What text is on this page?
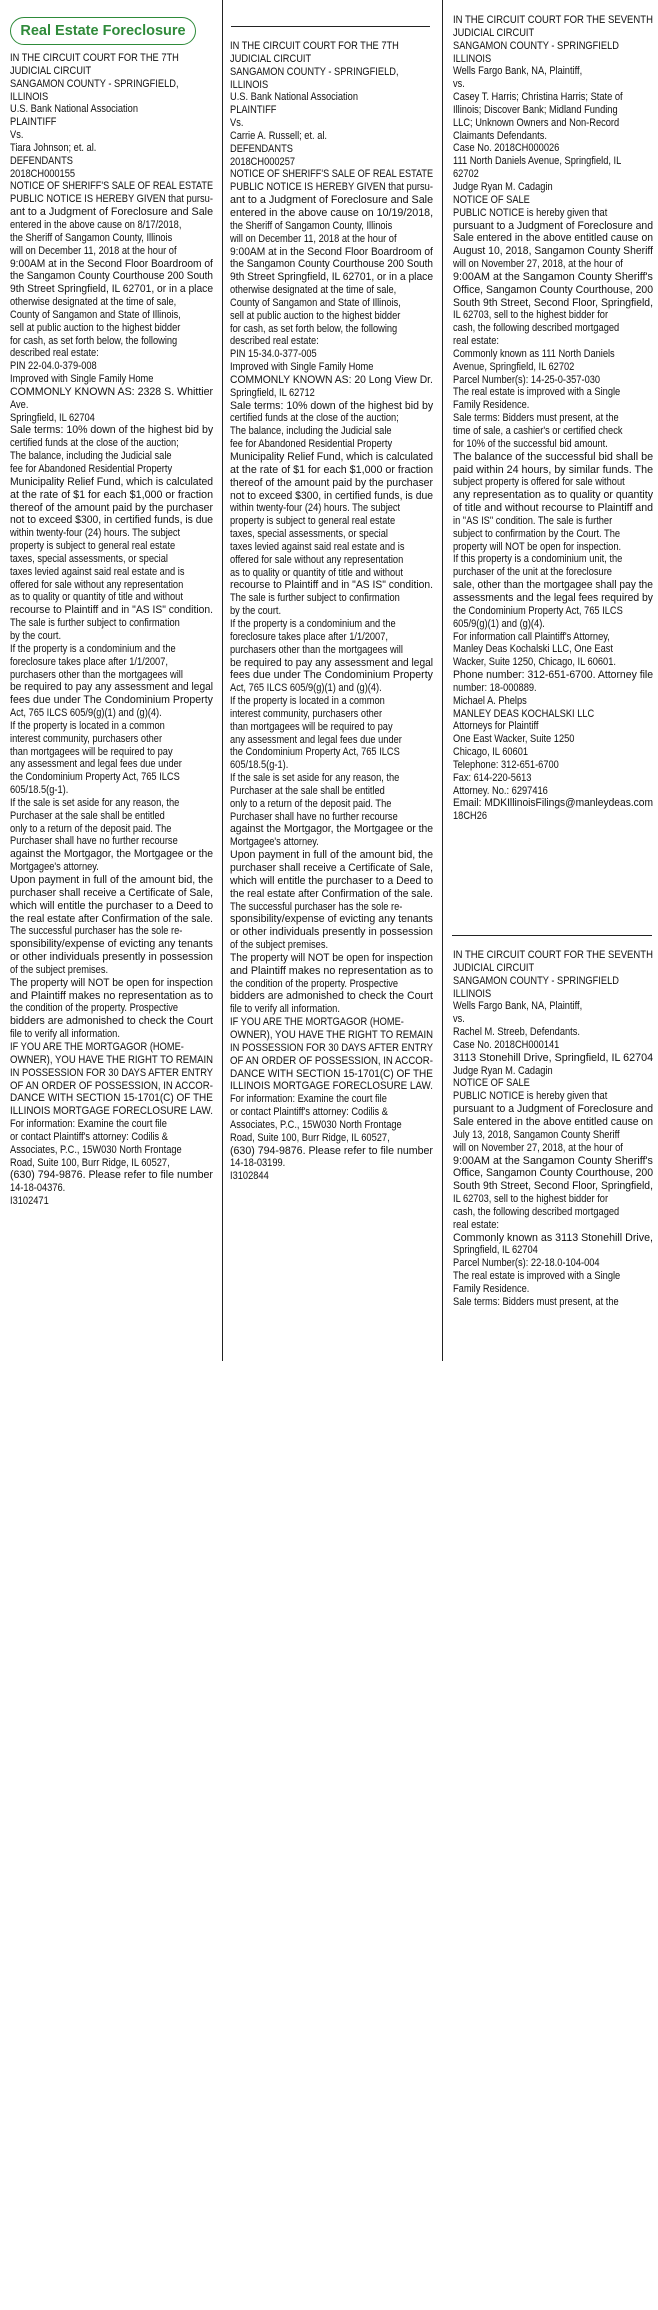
Real Estate Foreclosure
IN THE CIRCUIT COURT FOR THE 7TH
JUDICIAL CIRCUIT
SANGAMON COUNTY - SPRINGFIELD,
ILLINOIS
U.S. Bank National Association
PLAINTIFF
Vs.
Tiara Johnson; et. al.
DEFENDANTS
2018CH000155
NOTICE OF SHERIFF'S SALE OF REAL ESTATE
PUBLIC NOTICE IS HEREBY GIVEN that pursu-
ant to a Judgment of Foreclosure and Sale
entered in the above cause on 8/17/2018,
the Sheriff of Sangamon County, Illinois
will on December 11, 2018 at the hour of
9:00AM at in the Second Floor Boardroom of
the Sangamon County Courthouse 200 South
9th Street Springfield, IL 62701, or in a place
otherwise designated at the time of sale,
County of Sangamon and State of Illinois,
sell at public auction to the highest bidder
for cash, as set forth below, the following
described real estate:
PIN 22-04.0-379-008
Improved with Single Family Home
COMMONLY KNOWN AS: 2328 S. Whittier
Ave.
Springfield, IL 62704
Sale terms: 10% down of the highest bid by
certified funds at the close of the auction;
The balance, including the Judicial sale
fee for Abandoned Residential Property
Municipality Relief Fund, which is calculated
at the rate of $1 for each $1,000 or fraction
thereof of the amount paid by the purchaser
not to exceed $300, in certified funds, is due
within twenty-four (24) hours. The subject
property is subject to general real estate
taxes, special assessments, or special
taxes levied against said real estate and is
offered for sale without any representation
as to quality or quantity of title and without
recourse to Plaintiff and in "AS IS" condition.
The sale is further subject to confirmation
by the court.
If the property is a condominium and the
foreclosure takes place after 1/1/2007,
purchasers other than the mortgagees will
be required to pay any assessment and legal
fees due under The Condominium Property
Act, 765 ILCS 605/9(g)(1) and (g)(4).
If the property is located in a common
interest community, purchasers other
than mortgagees will be required to pay
any assessment and legal fees due under
the Condominium Property Act, 765 ILCS
605/18.5(g-1).
If the sale is set aside for any reason, the
Purchaser at the sale shall be entitled
only to a return of the deposit paid. The
Purchaser shall have no further recourse
against the Mortgagor, the Mortgagee or the
Mortgagee's attorney.
Upon payment in full of the amount bid, the
purchaser shall receive a Certificate of Sale,
which will entitle the purchaser to a Deed to
the real estate after Confirmation of the sale.
The successful purchaser has the sole re-
sponsibility/expense of evicting any tenants
or other individuals presently in possession
of the subject premises.
The property will NOT be open for inspection
and Plaintiff makes no representation as to
the condition of the property. Prospective
bidders are admonished to check the Court
file to verify all information.
IF YOU ARE THE MORTGAGOR (HOME-
OWNER), YOU HAVE THE RIGHT TO REMAIN
IN POSSESSION FOR 30 DAYS AFTER ENTRY
OF AN ORDER OF POSSESSION, IN ACCOR-
DANCE WITH SECTION 15-1701(C) OF THE
ILLINOIS MORTGAGE FORECLOSURE LAW.
For information: Examine the court file
or contact Plaintiff's attorney: Codilis &
Associates, P.C., 15W030 North Frontage
Road, Suite 100, Burr Ridge, IL 60527,
(630) 794-9876. Please refer to file number
14-18-04376.
I3102471
IN THE CIRCUIT COURT FOR THE 7TH
JUDICIAL CIRCUIT
SANGAMON COUNTY - SPRINGFIELD,
ILLINOIS
U.S. Bank National Association
PLAINTIFF
Vs.
Carrie A. Russell; et. al.
DEFENDANTS
2018CH000257
NOTICE OF SHERIFF'S SALE OF REAL ESTATE
PUBLIC NOTICE IS HEREBY GIVEN that pursu-
ant to a Judgment of Foreclosure and Sale
entered in the above cause on 10/19/2018,
the Sheriff of Sangamon County, Illinois
will on December 11, 2018 at the hour of
9:00AM at in the Second Floor Boardroom of
the Sangamon County Courthouse 200 South
9th Street Springfield, IL 62701, or in a place
otherwise designated at the time of sale,
County of Sangamon and State of Illinois,
sell at public auction to the highest bidder
for cash, as set forth below, the following
described real estate:
PIN 15-34.0-377-005
Improved with Single Family Home
COMMONLY KNOWN AS: 20 Long View Dr.
Springfield, IL 62712
Sale terms: 10% down of the highest bid by
certified funds at the close of the auction;
The balance, including the Judicial sale
fee for Abandoned Residential Property
Municipality Relief Fund, which is calculated
at the rate of $1 for each $1,000 or fraction
thereof of the amount paid by the purchaser
not to exceed $300, in certified funds, is due
within twenty-four (24) hours. The subject
property is subject to general real estate
taxes, special assessments, or special
taxes levied against said real estate and is
offered for sale without any representation
as to quality or quantity of title and without
recourse to Plaintiff and in "AS IS" condition.
The sale is further subject to confirmation
by the court.
If the property is a condominium and the
foreclosure takes place after 1/1/2007,
purchasers other than the mortgagees will
be required to pay any assessment and legal
fees due under The Condominium Property
Act, 765 ILCS 605/9(g)(1) and (g)(4).
If the property is located in a common
interest community, purchasers other
than mortgagees will be required to pay
any assessment and legal fees due under
the Condominium Property Act, 765 ILCS
605/18.5(g-1).
If the sale is set aside for any reason, the
Purchaser at the sale shall be entitled
only to a return of the deposit paid. The
Purchaser shall have no further recourse
against the Mortgagor, the Mortgagee or the
Mortgagee's attorney.
Upon payment in full of the amount bid, the
purchaser shall receive a Certificate of Sale,
which will entitle the purchaser to a Deed to
the real estate after Confirmation of the sale.
The successful purchaser has the sole re-
sponsibility/expense of evicting any tenants
or other individuals presently in possession
of the subject premises.
The property will NOT be open for inspection
and Plaintiff makes no representation as to
the condition of the property. Prospective
bidders are admonished to check the Court
file to verify all information.
IF YOU ARE THE MORTGAGOR (HOME-
OWNER), YOU HAVE THE RIGHT TO REMAIN
IN POSSESSION FOR 30 DAYS AFTER ENTRY
OF AN ORDER OF POSSESSION, IN ACCOR-
DANCE WITH SECTION 15-1701(C) OF THE
ILLINOIS MORTGAGE FORECLOSURE LAW.
For information: Examine the court file
or contact Plaintiff's attorney: Codilis &
Associates, P.C., 15W030 North Frontage
Road, Suite 100, Burr Ridge, IL 60527,
(630) 794-9876. Please refer to file number
14-18-03199.
I3102844
IN THE CIRCUIT COURT FOR THE SEVENTH
JUDICIAL CIRCUIT
SANGAMON COUNTY - SPRINGFIELD
ILLINOIS
Wells Fargo Bank, NA, Plaintiff,
vs.
Casey T. Harris; Christina Harris; State of
Illinois; Discover Bank; Midland Funding
LLC; Unknown Owners and Non-Record
Claimants Defendants.
Case No. 2018CH000026
111 North Daniels Avenue, Springfield, IL
62702
Judge Ryan M. Cadagin
NOTICE OF SALE
PUBLIC NOTICE is hereby given that
pursuant to a Judgment of Foreclosure and
Sale entered in the above entitled cause on
August 10, 2018, Sangamon County Sheriff
will on November 27, 2018, at the hour of
9:00AM at the Sangamon County Sheriff's
Office, Sangamon County Courthouse, 200
South 9th Street, Second Floor, Springfield,
IL 62703, sell to the highest bidder for
cash, the following described mortgaged
real estate:
Commonly known as 111 North Daniels
Avenue, Springfield, IL 62702
Parcel Number(s): 14-25-0-357-030
The real estate is improved with a Single
Family Residence.
Sale terms: Bidders must present, at the
time of sale, a cashier's or certified check
for 10% of the successful bid amount.
The balance of the successful bid shall be
paid within 24 hours, by similar funds. The
subject property is offered for sale without
any representation as to quality or quantity
of title and without recourse to Plaintiff and
in "AS IS" condition. The sale is further
subject to confirmation by the Court. The
property will NOT be open for inspection.
If this property is a condominium unit, the
purchaser of the unit at the foreclosure
sale, other than the mortgagee shall pay the
assessments and the legal fees required by
the Condominium Property Act, 765 ILCS
605/9(g)(1) and (g)(4).
For information call Plaintiff's Attorney,
Manley Deas Kochalski LLC, One East
Wacker, Suite 1250, Chicago, IL 60601.
Phone number: 312-651-6700. Attorney file
number: 18-000889.
Michael A. Phelps
MANLEY DEAS KOCHALSKI LLC
Attorneys for Plaintiff
One East Wacker, Suite 1250
Chicago, IL 60601
Telephone: 312-651-6700
Fax: 614-220-5613
Attorney. No.: 6297416
Email: MDKIllinoisFilings@manleydeas.com
18CH26
IN THE CIRCUIT COURT FOR THE SEVENTH
JUDICIAL CIRCUIT
SANGAMON COUNTY - SPRINGFIELD
ILLINOIS
Wells Fargo Bank, NA, Plaintiff,
vs.
Rachel M. Streeb, Defendants.
Case No. 2018CH000141
3113 Stonehill Drive, Springfield, IL 62704
Judge Ryan M. Cadagin
NOTICE OF SALE
PUBLIC NOTICE is hereby given that
pursuant to a Judgment of Foreclosure and
Sale entered in the above entitled cause on
July 13, 2018, Sangamon County Sheriff
will on November 27, 2018, at the hour of
9:00AM at the Sangamon County Sheriff's
Office, Sangamon County Courthouse, 200
South 9th Street, Second Floor, Springfield,
IL 62703, sell to the highest bidder for
cash, the following described mortgaged
real estate:
Commonly known as 3113 Stonehill Drive,
Springfield, IL 62704
Parcel Number(s): 22-18.0-104-004
The real estate is improved with a Single
Family Residence.
Sale terms: Bidders must present, at the
